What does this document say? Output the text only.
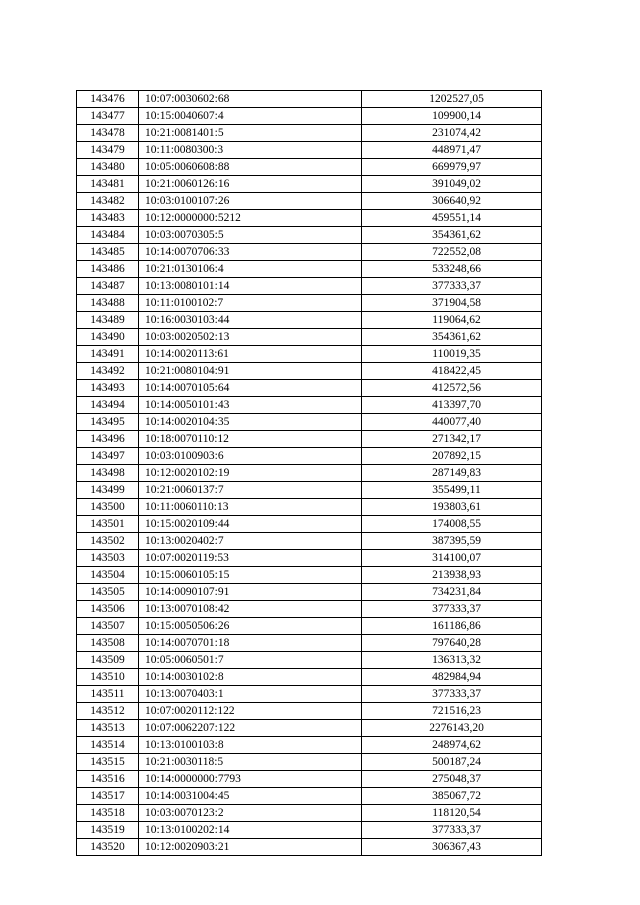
143476	10:07:0030602:68	1202527,05
143477	10:15:0040607:4	109900,14
143478	10:21:0081401:5	231074,42
143479	10:11:0080300:3	448971,47
143480	10:05:0060608:88	669979,97
143481	10:21:0060126:16	391049,02
143482	10:03:0100107:26	306640,92
143483	10:12:0000000:5212	459551,14
143484	10:03:0070305:5	354361,62
143485	10:14:0070706:33	722552,08
143486	10:21:0130106:4	533248,66
143487	10:13:0080101:14	377333,37
143488	10:11:0100102:7	371904,58
143489	10:16:0030103:44	119064,62
143490	10:03:0020502:13	354361,62
143491	10:14:0020113:61	110019,35
143492	10:21:0080104:91	418422,45
143493	10:14:0070105:64	412572,56
143494	10:14:0050101:43	413397,70
143495	10:14:0020104:35	440077,40
143496	10:18:0070110:12	271342,17
143497	10:03:0100903:6	207892,15
143498	10:12:0020102:19	287149,83
143499	10:21:0060137:7	355499,11
143500	10:11:0060110:13	193803,61
143501	10:15:0020109:44	174008,55
143502	10:13:0020402:7	387395,59
143503	10:07:0020119:53	314100,07
143504	10:15:0060105:15	213938,93
143505	10:14:0090107:91	734231,84
143506	10:13:0070108:42	377333,37
143507	10:15:0050506:26	161186,86
143508	10:14:0070701:18	797640,28
143509	10:05:0060501:7	136313,32
143510	10:14:0030102:8	482984,94
143511	10:13:0070403:1	377333,37
143512	10:07:0020112:122	721516,23
143513	10:07:0062207:122	2276143,20
143514	10:13:0100103:8	248974,62
143515	10:21:0030118:5	500187,24
143516	10:14:0000000:7793	275048,37
143517	10:14:0031004:45	385067,72
143518	10:03:0070123:2	118120,54
143519	10:13:0100202:14	377333,37
143520	10:12:0020903:21	306367,43
